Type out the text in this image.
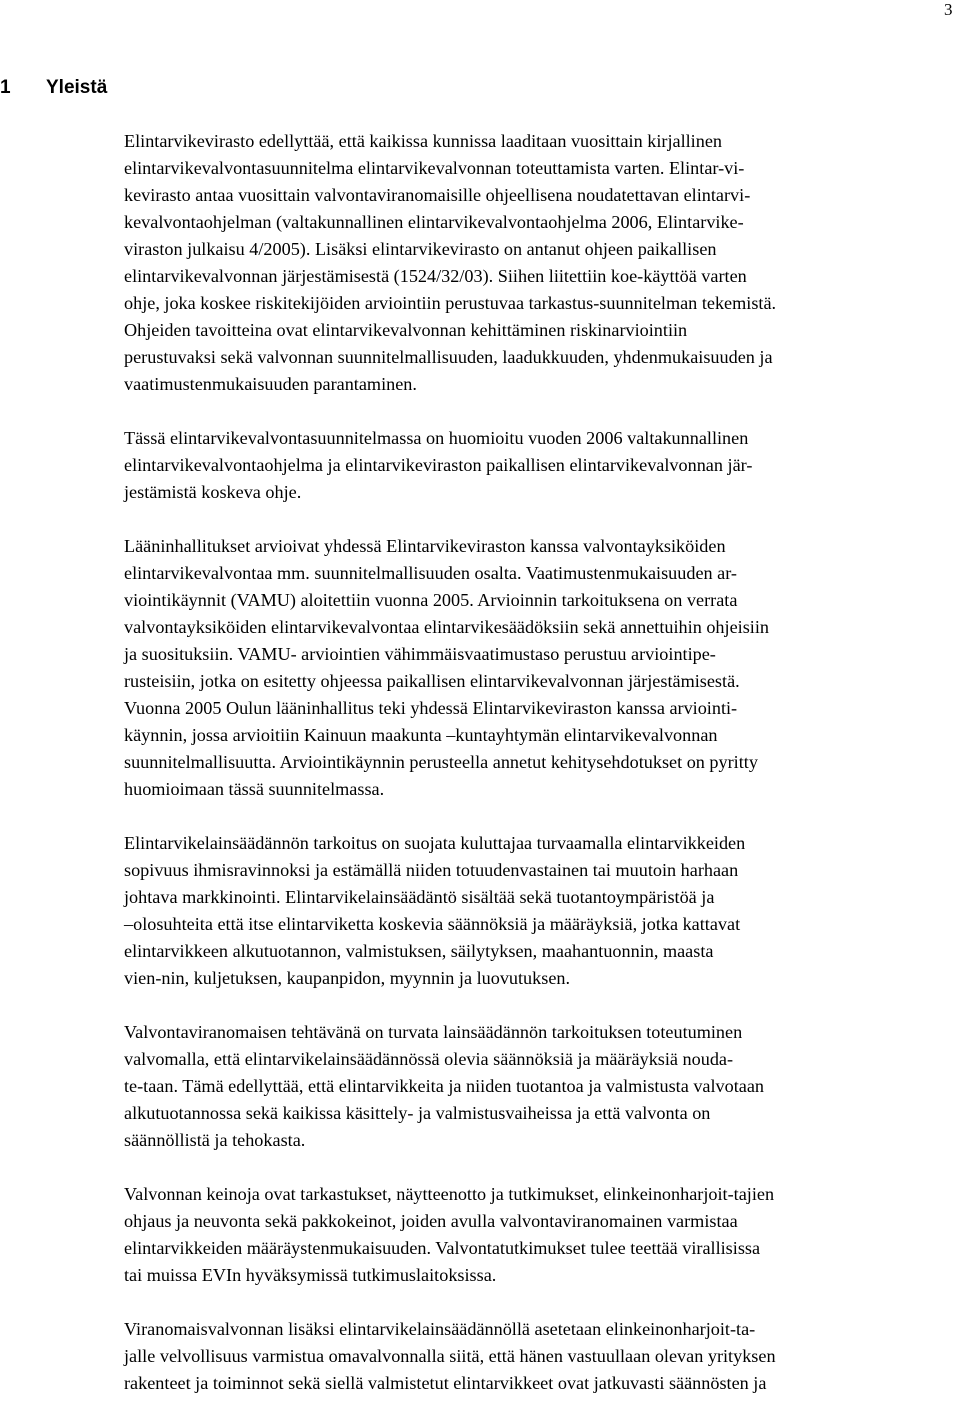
3
1 Yleistä
Elintarvikevirasto edellyttää, että kaikissa kunnissa laaditaan vuosittain kirjallinen
elintarvikevalvontasuunnitelma elintarvikevalvonnan toteuttamista varten. Elintar-vi-
kevirasto antaa vuosittain valvontaviranomaisille ohjeellisena noudatettavan elintarvi-
kevalvontaohjelman (valtakunnallinen elintarvikevalvontaohjelma 2006, Elintarvike-
viraston julkaisu 4/2005). Lisäksi elintarvikevirasto on antanut ohjeen paikallisen
elintarvikevalvonnan järjestämisestä (1524/32/03). Siihen liitettiin koe-käyttöä varten
ohje, joka koskee riskitekijöiden arviointiin perustuvaa tarkastus-suunnitelman tekemistä.
Ohjeiden tavoitteina ovat elintarvikevalvonnan kehittäminen riskinarviointiin
perustuvaksi sekä valvonnan suunnitelmallisuuden, laadukkuuden, yhdenmukaisuuden ja
vaatimustenmukaisuuden parantaminen.
Tässä elintarvikevalvontasuunnitelmassa on huomioitu vuoden 2006 valtakunnallinen
elintarvikevalvontaohjelma ja elintarvikeviraston paikallisen elintarvikevalvonnan jär-
jestämistä koskeva ohje.
Lääninhallitukset arvioivat yhdessä Elintarvikeviraston kanssa valvontayksiköiden
elintarvikevalvontaa mm. suunnitelmallisuuden osalta. Vaatimustenmukaisuuden ar-
viointikäynnit (VAMU) aloitettiin vuonna 2005. Arvioinnin tarkoituksena on verrata
valvontayksiköiden elintarvikevalvontaa elintarvikesäädöksiin sekä annettuihin ohjeisiin
ja suosituksiin. VAMU- arviointien vähimmäisvaatimustaso perustuu arviointipe-
rusteisiin, jotka on esitetty ohjeessa paikallisen elintarvikevalvonnan järjestämisestä.
Vuonna 2005 Oulun lääninhallitus teki yhdessä Elintarvikeviraston kanssa arviointi-
käynnin, jossa arvioitiin Kainuun maakunta –kuntayhtymän elintarvikevalvonnan
suunnitelmallisuutta. Arviointikäynnin perusteella annetut kehitysehdotukset on pyritty
huomioimaan tässä suunnitelmassa.
Elintarvikelainsäädännön tarkoitus on suojata kuluttajaa turvaamalla elintarvikkeiden
sopivuus ihmisravinnoksi ja estämällä niiden totuudenvastainen tai muutoin harhaan
johtava markkinointi. Elintarvikelainsäädäntö sisältää sekä tuotantoympäristöä ja
–olosuhteita että itse elintarviketta koskevia säännöksiä ja määräyksiä, jotka kattavat
elintarvikkeen alkutuotannon, valmistuksen, säilytyksen, maahantuonnin, maasta
vien-nin, kuljetuksen, kaupanpidon, myynnin ja luovutuksen.
Valvontaviranomaisen tehtävänä on turvata lainsäädännön tarkoituksen toteutuminen
valvomalla, että elintarvikelainsäädännössä olevia säännöksiä ja määräyksiä nouda-
te-taan. Tämä edellyttää, että elintarvikkeita ja niiden tuotantoa ja valmistusta valvotaan
alkutuotannossa sekä kaikissa käsittely- ja valmistusvaiheissa ja että valvonta on
säännöllistä ja tehokasta.
Valvonnan keinoja ovat tarkastukset, näytteenotto ja tutkimukset, elinkeinonharjoit-tajien
ohjaus ja neuvonta sekä pakkokeinot, joiden avulla valvontaviranomainen varmistaa
elintarvikkeiden määräystenmukaisuuden. Valvontatutkimukset tulee teettää virallisissa
tai muissa EVIn hyväksymissä tutkimuslaitoksissa.
Viranomaisvalvonnan lisäksi elintarvikelainsäädännöllä asetetaan elinkeinonharjoit-ta-
jalle velvollisuus varmistua omavalvonnalla siitä, että hänen vastuullaan olevan yrityksen
rakenteet ja toiminnot sekä siellä valmistetut elintarvikkeet ovat jatkuvasti säännösten ja
